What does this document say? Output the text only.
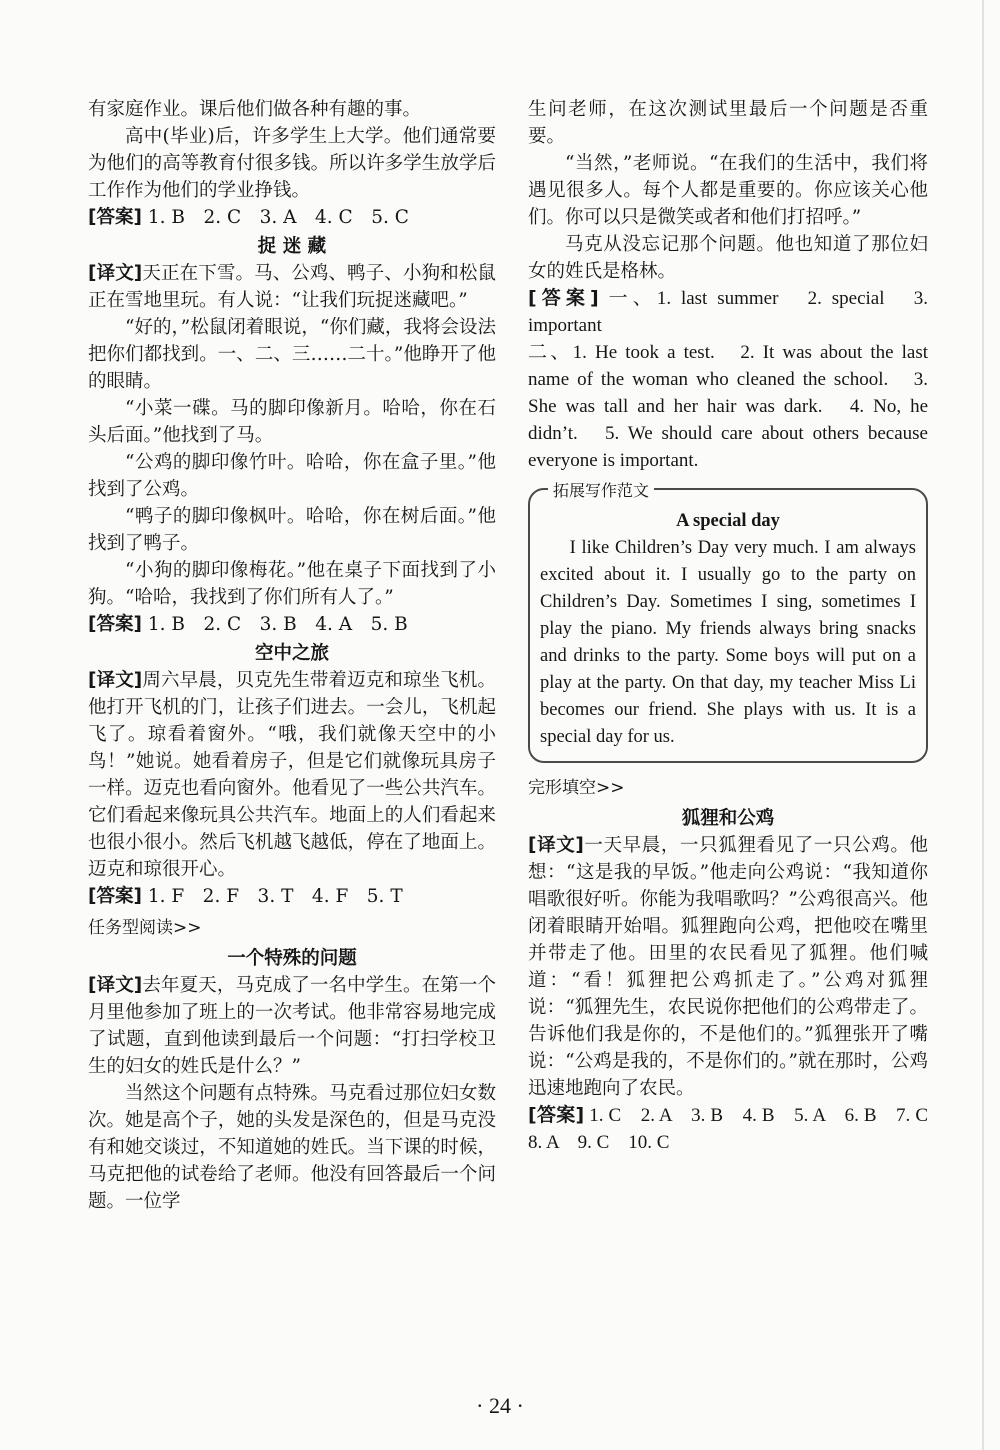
有家庭作业。课后他们做各种有趣的事。

高中(毕业)后，许多学生上大学。他们通常要为他们的高等教育付很多钱。所以许多学生放学后工作作为他们的学业挣钱。

[答案] 1. B　2. C　3. A　4. C　5. C

捉 迷 藏

[译文]天正在下雪。马、公鸡、鸭子、小狗和松鼠正在雪地里玩。有人说：“让我们玩捉迷藏吧。”

“好的，”松鼠闭着眼说，“你们藏，我将会设法把你们都找到。一、二、三……二十。”他睁开了他的眼睛。

“小菜一碟。马的脚印像新月。哈哈，你在石头后面。”他找到了马。

“公鸡的脚印像竹叶。哈哈，你在盒子里。”他找到了公鸡。

“鸭子的脚印像枫叶。哈哈，你在树后面。”他找到了鸭子。

“小狗的脚印像梅花。”他在桌子下面找到了小狗。“哈哈，我找到了你们所有人了。”

[答案] 1. B　2. C　3. B　4. A　5. B

空中之旅

[译文]周六早晨，贝克先生带着迈克和琼坐飞机。他打开飞机的门，让孩子们进去。一会儿，飞机起飞了。琼看着窗外。“哦，我们就像天空中的小鸟！”她说。她看着房子，但是它们就像玩具房子一样。迈克也看向窗外。他看见了一些公共汽车。它们看起来像玩具公共汽车。地面上的人们看起来也很小很小。然后飞机越飞越低，停在了地面上。迈克和琼很开心。

[答案] 1. F　2. F　3. T　4. F　5. T

任务型阅读>>

一个特殊的问题

[译文]去年夏天，马克成了一名中学生。在第一个月里他参加了班上的一次考试。他非常容易地完成了试题，直到他读到最后一个问题：“打扫学校卫生的妇女的姓氏是什么？”

当然这个问题有点特殊。马克看过那位妇女数次。她是高个子，她的头发是深色的，但是马克没有和她交谈过，不知道她的姓氏。当下课的时候，马克把他的试卷给了老师。他没有回答最后一个问题。一位学

生问老师，在这次测试里最后一个问题是否重要。

“当然，”老师说。“在我们的生活中，我们将遇见很多人。每个人都是重要的。你应该关心他们。你可以只是微笑或者和他们打招呼。”

马克从没忘记那个问题。他也知道了那位妇女的姓氏是格林。

[答案] 一、1. last summer　2. special　3. important

二、1. He took a test.　2. It was about the last name of the woman who cleaned the school.　3. She was tall and her hair was dark.　4. No, he didn’t.　5. We should care about others because everyone is important.

拓展写作范文

A special day

I like Children’s Day very much. I am always excited about it. I usually go to the party on Children’s Day. Sometimes I sing, sometimes I play the piano. My friends always bring snacks and drinks to the party. Some boys will put on a play at the party. On that day, my teacher Miss Li becomes our friend. She plays with us. It is a special day for us.

完形填空>>

狐狸和公鸡

[译文]一天早晨，一只狐狸看见了一只公鸡。他想：“这是我的早饭。”他走向公鸡说：“我知道你唱歌很好听。你能为我唱歌吗？”公鸡很高兴。他闭着眼睛开始唱。狐狸跑向公鸡，把他咬在嘴里并带走了他。田里的农民看见了狐狸。他们喊道：“看！狐狸把公鸡抓走了。”公鸡对狐狸说：“狐狸先生，农民说你把他们的公鸡带走了。告诉他们我是你的，不是他们的。”狐狸张开了嘴说：“公鸡是我的，不是你们的。”就在那时，公鸡迅速地跑向了农民。

[答案] 1. C　2. A　3. B　4. B　5. A　6. B　7. C　8. A　9. C　10. C

· 24 ·
